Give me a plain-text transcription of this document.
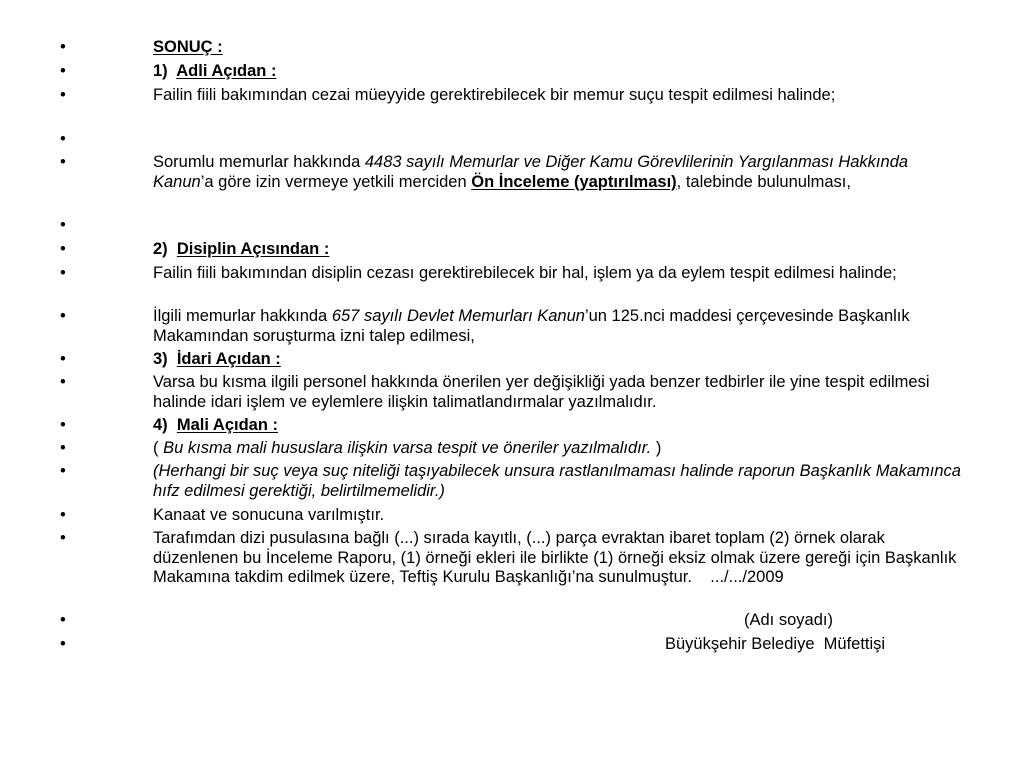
•	SONUÇ :
•	1) Adli Açıdan :
•	Failin fiili bakımından cezai müeyyide gerektirebilecek bir memur suçu tespit edilmesi halinde;
•
•	Sorumlu memurlar hakkında 4483 sayılı Memurlar ve Diğer Kamu Görevlilerinin Yargılanması Hakkında Kanun’a göre izin vermeye yetkili merciden Ön İnceleme (yaptırılması), talebinde bulunulması,
•
•	2) Disiplin Açısından :
•	Failin fiili bakımından disiplin cezası gerektirebilecek bir hal, işlem ya da eylem tespit edilmesi halinde;
•	İlgili memurlar hakkında 657 sayılı Devlet Memurları Kanun’un 125.nci maddesi çerçevesinde Başkanlık Makamından soruşturma izni talep edilmesi,
•	3) İdari Açıdan :
•	Varsa bu kısma ilgili personel hakkında önerilen yer değişikliği yada benzer tedbirler ile yine tespit edilmesi halinde idari işlem ve eylemlere ilişkin talimatlandırmalar yazılmalıdır.
•	4) Mali Açıdan :
•	( Bu kısma mali hususlara ilişkin varsa tespit ve öneriler yazılmalıdır. )
•	(Herhangi bir suç veya suç niteliği taşıyabilecek unsura rastlanılmaması halinde raporun Başkanlık Makamınca hıfz edilmesi gerektiği, belirtilmemelidir.)
•	Kanaat ve sonucuna varılmıştır.
•	Tarafımdan dizi pusulasına bağlı (...) sırada kayıtlı, (...) parça evraktan ibaret toplam (2) örnek olarak düzenlenen bu İnceleme Raporu, (1) örneği ekleri ile birlikte (1) örneği eksiz olmak üzere gereği için Başkanlık Makamına takdim edilmek üzere, Teftiş Kurulu Başkanlığı’na sunulmuştur.    .../.../2009
•	(Adı soyadı)
•	Büyükşehir Belediye  Müfettişi
